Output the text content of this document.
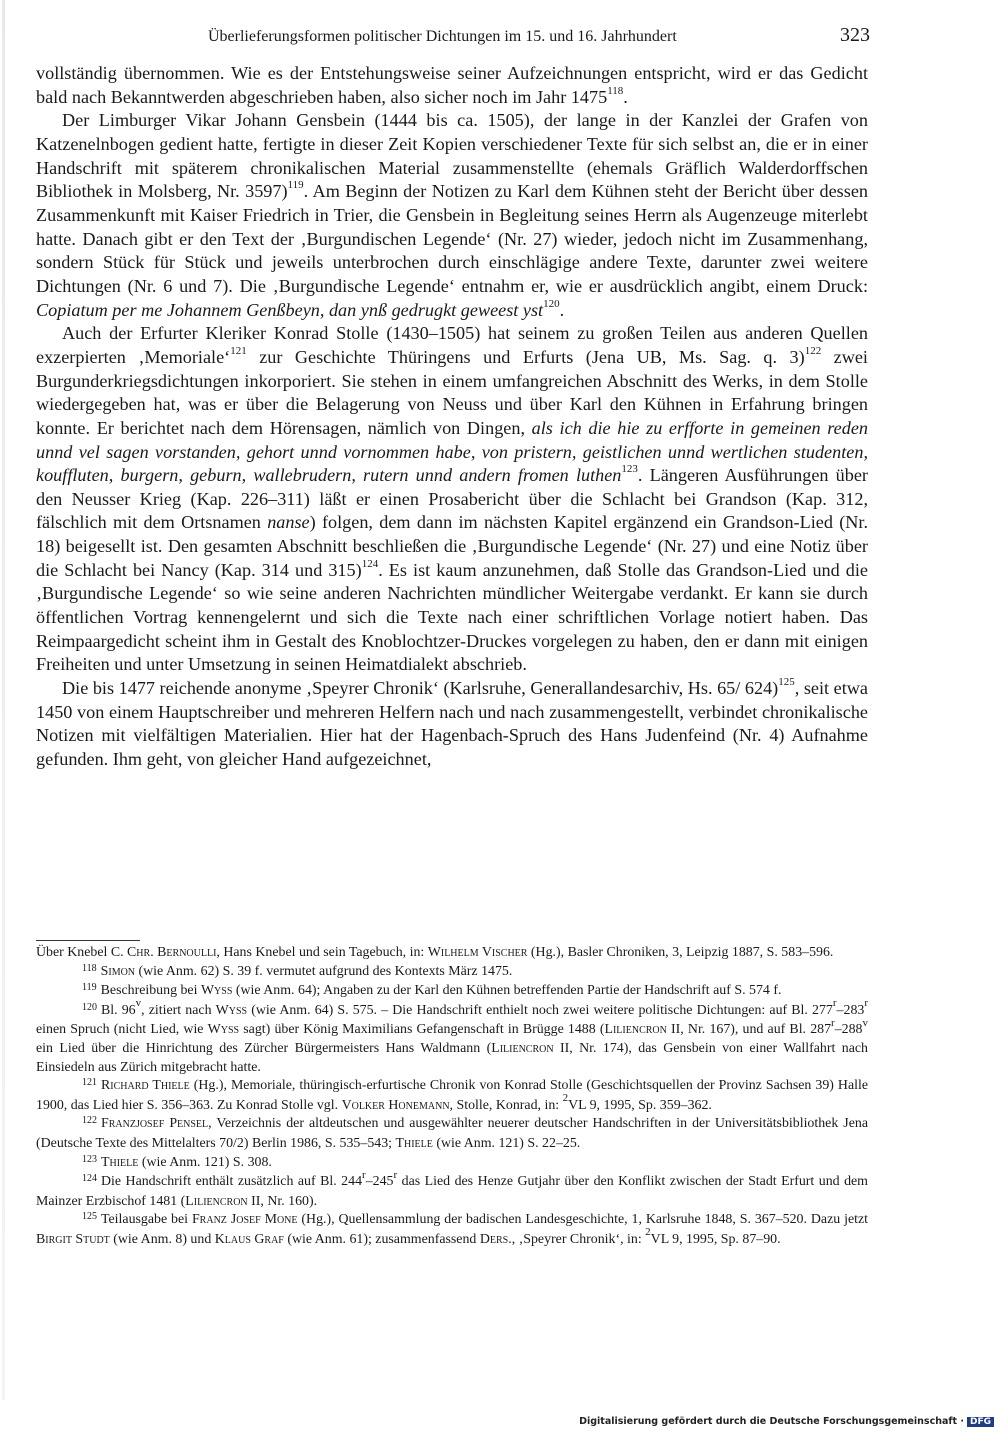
Überlieferungsformen politischer Dichtungen im 15. und 16. Jahrhundert	323

vollständig übernommen. Wie es der Entstehungsweise seiner Aufzeichnungen entspricht, wird er das Gedicht bald nach Bekanntwerden abgeschrieben haben, also sicher noch im Jahr 1475$^{118}$.

Der Limburger Vikar Johann Gensbein (1444 bis ca. 1505), der lange in der Kanzlei der Grafen von Katzenelnbogen gedient hatte, fertigte in dieser Zeit Kopien verschiedener Texte für sich selbst an, die er in einer Handschrift mit späterem chronikalischen Material zusammenstellte (ehemals Gräflich Walderdorffschen Bibliothek in Molsberg, Nr. 3597)$^{119}$. Am Beginn der Notizen zu Karl dem Kühnen steht der Bericht über dessen Zusammenkunft mit Kaiser Friedrich in Trier, die Gensbein in Begleitung seines Herrn als Augenzeuge miterlebt hatte. Danach gibt er den Text der ‚Burgundischen Legende‘ (Nr. 27) wieder, jedoch nicht im Zusammenhang, sondern Stück für Stück und jeweils unterbrochen durch einschlägige andere Texte, darunter zwei weitere Dichtungen (Nr. 6 und 7). Die ‚Burgundische Legende‘ entnahm er, wie er ausdrücklich angibt, einem Druck: Copiatum per me Johannem Genßbeyn, dan ynß gedrugkt geweest yst$^{120}$.

Auch der Erfurter Kleriker Konrad Stolle (1430–1505) hat seinem zu großen Teilen aus anderen Quellen exzerpierten ‚Memoriale‘$^{121}$ zur Geschichte Thüringens und Erfurts (Jena UB, Ms. Sag. q. 3)$^{122}$ zwei Burgunderkriegsdichtungen inkorporiert. Sie stehen in einem umfangreichen Abschnitt des Werks, in dem Stolle wiedergegeben hat, was er über die Belagerung von Neuss und über Karl den Kühnen in Erfahrung bringen konnte. Er berichtet nach dem Hörensagen, nämlich von Dingen, als ich die hie zu erfforte in gemeinen reden unnd vel sagen vorstanden, gehort unnd vornommen habe, von pristern, geistlichen unnd wertlichen studenten, kouffluten, burgern, geburn, wallebrudern, rutern unnd andern fromen luthen$^{123}$. Längeren Ausführungen über den Neusser Krieg (Kap. 226–311) läßt er einen Prosabericht über die Schlacht bei Grandson (Kap. 312, fälschlich mit dem Ortsnamen nanse) folgen, dem dann im nächsten Kapitel ergänzend ein Grandson-Lied (Nr. 18) beigesellt ist. Den gesamten Abschnitt beschließen die ‚Burgundische Legende‘ (Nr. 27) und eine Notiz über die Schlacht bei Nancy (Kap. 314 und 315)$^{124}$. Es ist kaum anzunehmen, daß Stolle das Grandson-Lied und die ‚Burgundische Legende‘ so wie seine anderen Nachrichten mündlicher Weitergabe verdankt. Er kann sie durch öffentlichen Vortrag kennengelernt und sich die Texte nach einer schriftlichen Vorlage notiert haben. Das Reimpaargedicht scheint ihm in Gestalt des Knoblochtzer-Druckes vorgelegen zu haben, den er dann mit einigen Freiheiten und unter Umsetzung in seinen Heimatdialekt abschrieb.

Die bis 1477 reichende anonyme ‚Speyrer Chronik‘ (Karlsruhe, Generallandesarchiv, Hs. 65/ 624)$^{125}$, seit etwa 1450 von einem Hauptschreiber und mehreren Helfern nach und nach zusammengestellt, verbindet chronikalische Notizen mit vielfältigen Materialien. Hier hat der Hagenbach-Spruch des Hans Judenfeind (Nr. 4) Aufnahme gefunden. Ihm geht, von gleicher Hand aufgezeichnet,

Über Knebel C. Chr. Bernoulli, Hans Knebel und sein Tagebuch, in: Wilhelm Vischer (Hg.), Basler Chroniken, 3, Leipzig 1887, S. 583–596.

$^{118}$ Simon (wie Anm. 62) S. 39 f. vermutet aufgrund des Kontexts März 1475.

$^{119}$ Beschreibung bei Wyss (wie Anm. 64); Angaben zu der Karl den Kühnen betreffenden Partie der Handschrift auf S. 574 f.

$^{120}$ Bl. 96$^v$, zitiert nach Wyss (wie Anm. 64) S. 575. – Die Handschrift enthielt noch zwei weitere politische Dichtungen: auf Bl. 277$^r$–283$^r$ einen Spruch (nicht Lied, wie Wyss sagt) über König Maximilians Gefangenschaft in Brügge 1488 (Liliencron II, Nr. 167), und auf Bl. 287$^r$–288$^v$ ein Lied über die Hinrichtung des Zürcher Bürgermeisters Hans Waldmann (Liliencron II, Nr. 174), das Gensbein von einer Wallfahrt nach Einsiedeln aus Zürich mitgebracht hatte.

$^{121}$ Richard Thiele (Hg.), Memoriale, thüringisch-erfurtische Chronik von Konrad Stolle (Geschichtsquellen der Provinz Sachsen 39) Halle 1900, das Lied hier S. 356–363. Zu Konrad Stolle vgl. Volker Honemann, Stolle, Konrad, in: $^2$VL 9, 1995, Sp. 359–362.

$^{122}$ Franzjosef Pensel, Verzeichnis der altdeutschen und ausgewählter neuerer deutscher Handschriften in der Universitätsbibliothek Jena (Deutsche Texte des Mittelalters 70/2) Berlin 1986, S. 535–543; Thiele (wie Anm. 121) S. 22–25.

$^{123}$ Thiele (wie Anm. 121) S. 308.

$^{124}$ Die Handschrift enthält zusätzlich auf Bl. 244$^r$–245$^r$ das Lied des Henze Gutjahr über den Konflikt zwischen der Stadt Erfurt und dem Mainzer Erzbischof 1481 (Liliencron II, Nr. 160).

$^{125}$ Teilausgabe bei Franz Josef Mone (Hg.), Quellensammlung der badischen Landesgeschichte, 1, Karlsruhe 1848, S. 367–520. Dazu jetzt Birgit Studt (wie Anm. 8) und Klaus Graf (wie Anm. 61); zusammenfassend Ders., ‚Speyrer Chronik‘, in: $^2$VL 9, 1995, Sp. 87–90.

Digitalisierung gefördert durch die Deutsche Forschungsgemeinschaft · DFG
